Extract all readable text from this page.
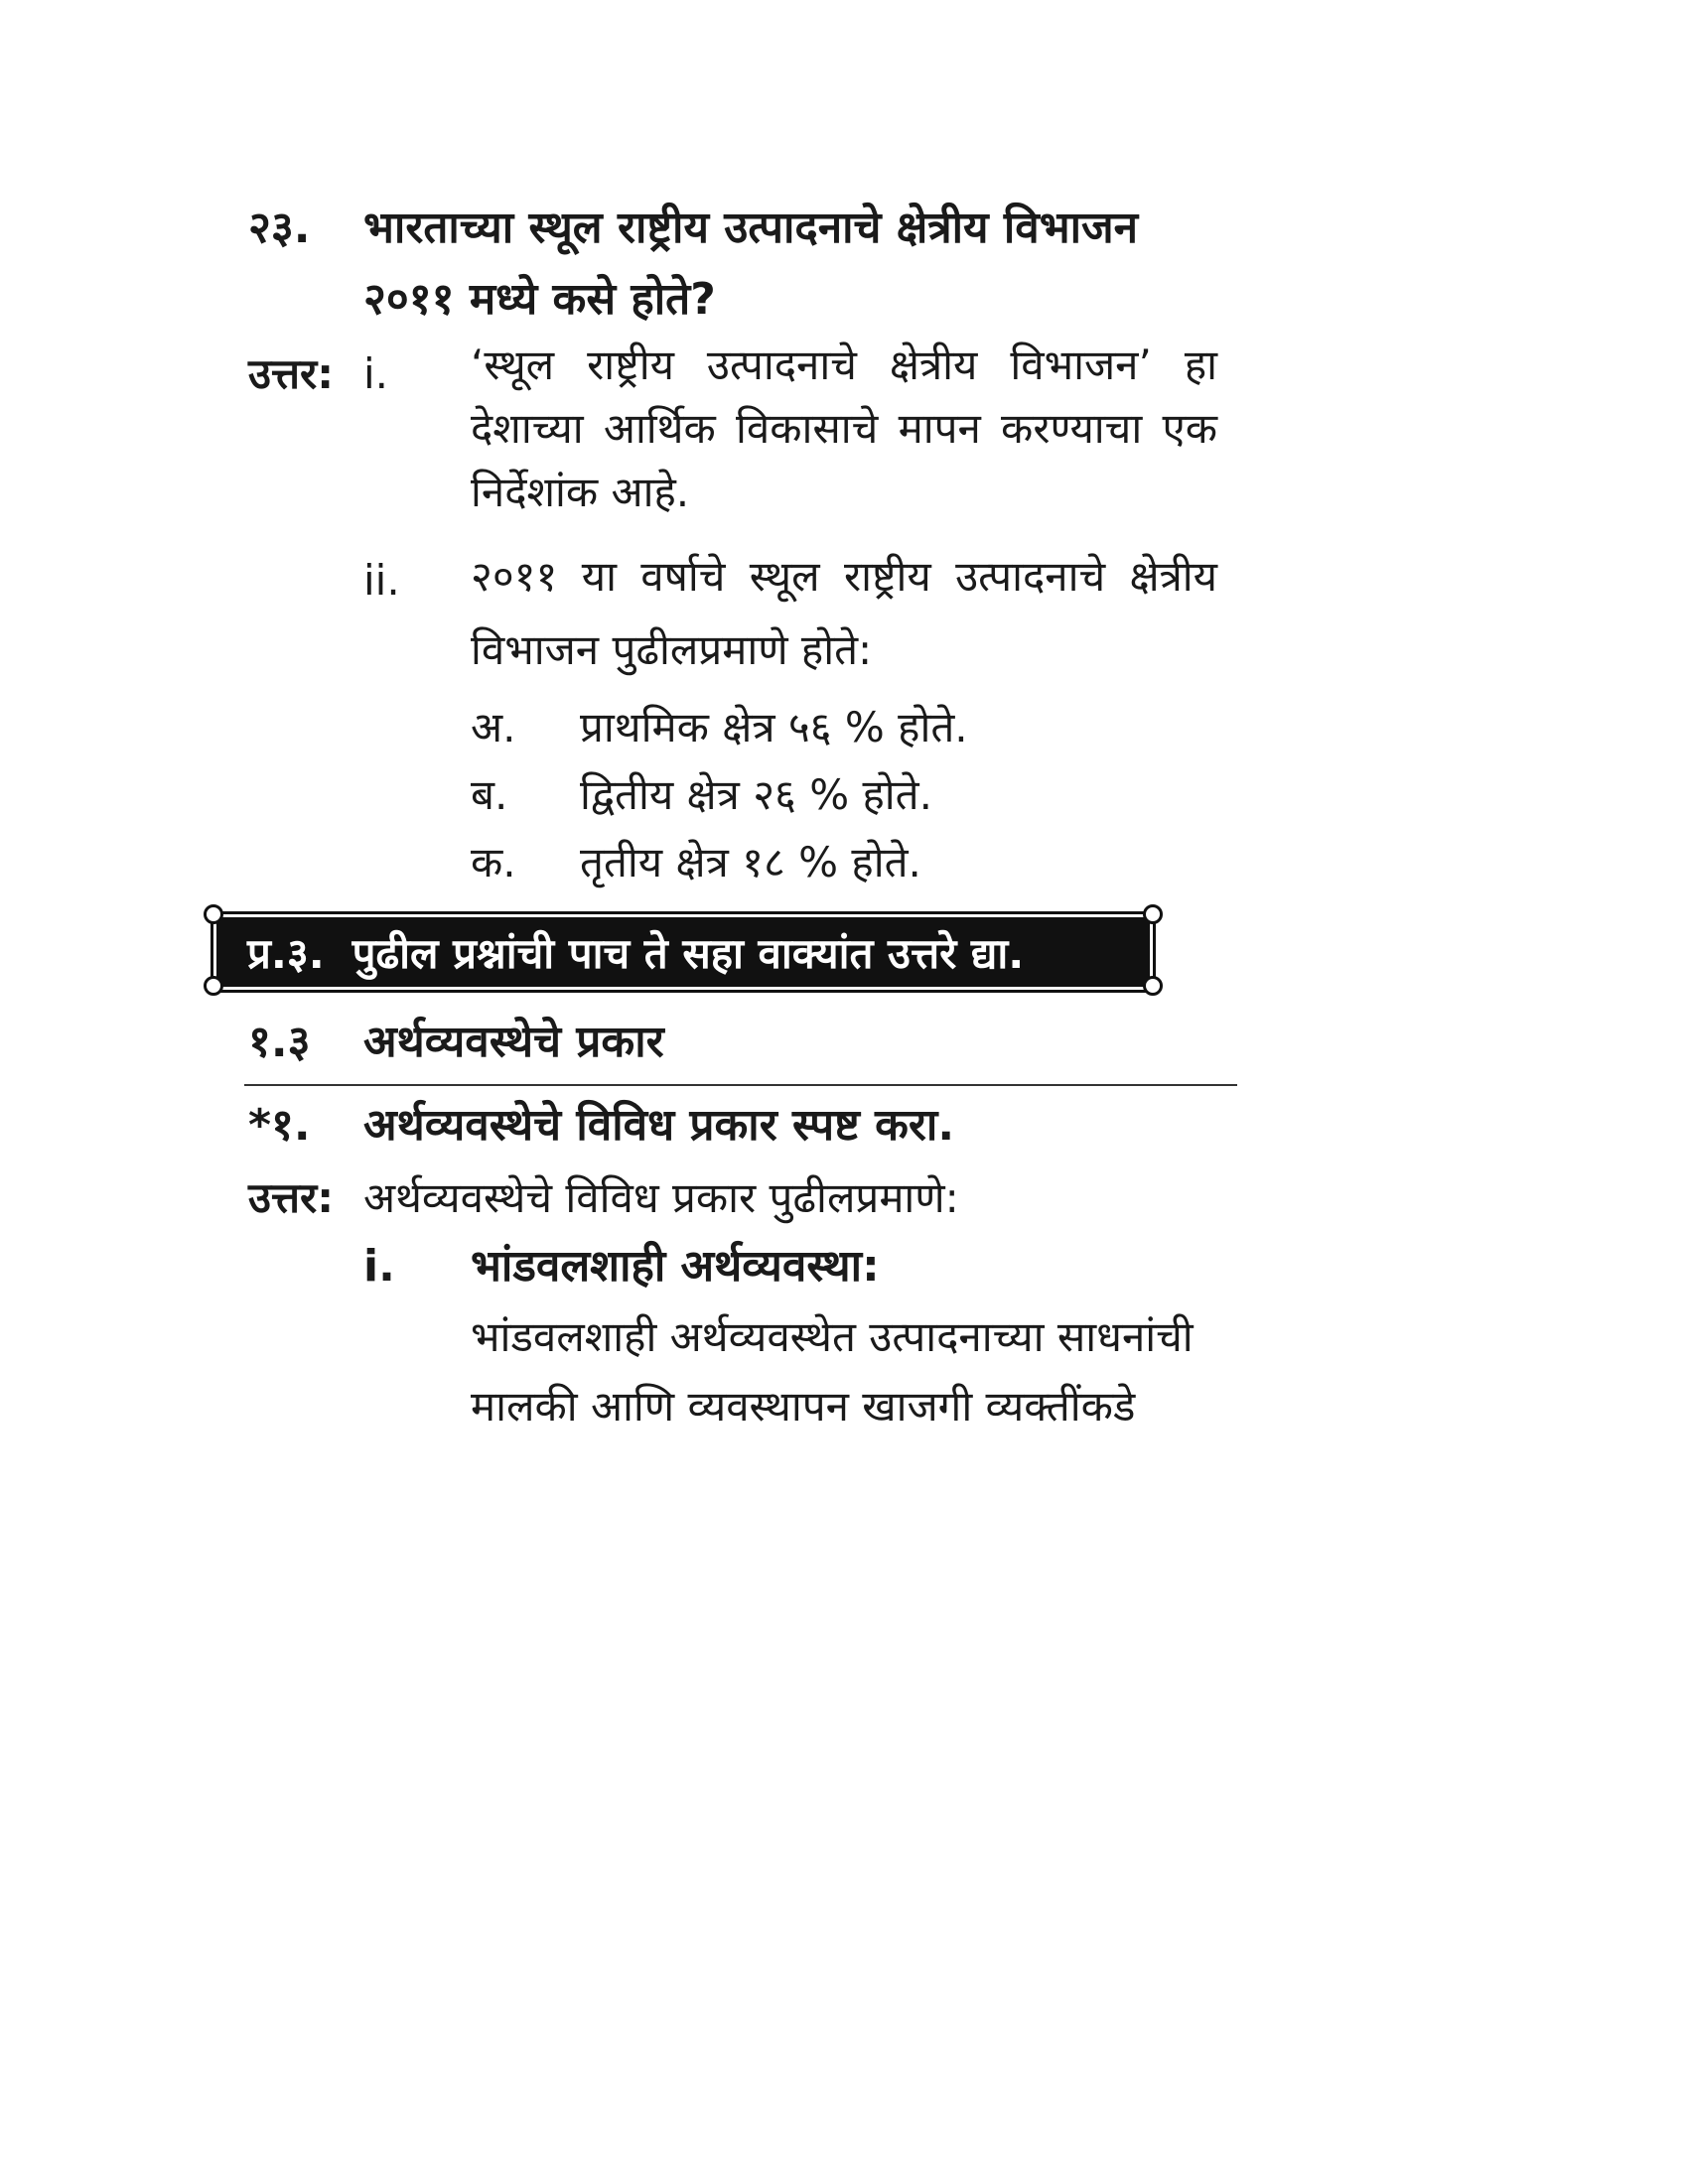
२३. भारताच्या स्थूल राष्ट्रीय उत्पादनाचे क्षेत्रीय विभाजन
२०११ मध्ये कसे होते?
उत्तर: i. ‘स्थूल राष्ट्रीय उत्पादनाचे क्षेत्रीय विभाजन’ हा देशाच्या आर्थिक विकासाचे मापन करण्याचा एक निर्देशांक आहे.
ii. २०११ या वर्षाचे स्थूल राष्ट्रीय उत्पादनाचे क्षेत्रीय विभाजन पुढीलप्रमाणे होते:
अ. प्राथमिक क्षेत्र ५६ % होते.
ब. द्वितीय क्षेत्र २६ % होते.
क. तृतीय क्षेत्र १८ % होते.
प्र.३. पुढील प्रश्नांची पाच ते सहा वाक्यांत उत्तरे द्या.
१.३ अर्थव्यवस्थेचे प्रकार
*१. अर्थव्यवस्थेचे विविध प्रकार स्पष्ट करा.
उत्तर: अर्थव्यवस्थेचे विविध प्रकार पुढीलप्रमाणे:
i. भांडवलशाही अर्थव्यवस्था:
भांडवलशाही अर्थव्यवस्थेत उत्पादनाच्या साधनांची
मालकी आणि व्यवस्थापन खाजगी व्यक्तींकडे
